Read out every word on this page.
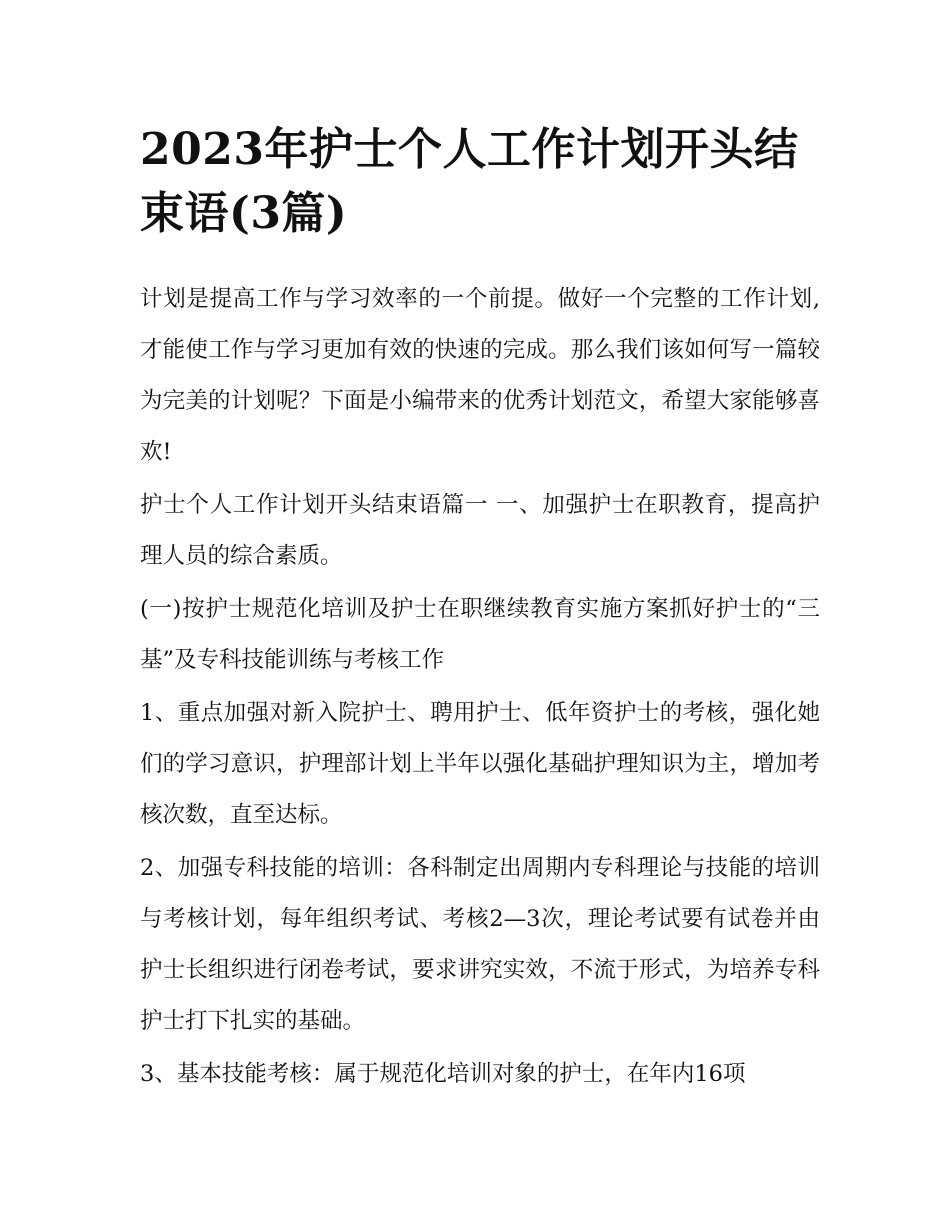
2023年护士个人工作计划开头结束语(3篇)

计划是提高工作与学习效率的一个前提。做好一个完整的工作计划,才能使工作与学习更加有效的快速的完成。那么我们该如何写一篇较为完美的计划呢？下面是小编带来的优秀计划范文，希望大家能够喜欢!

护士个人工作计划开头结束语篇一 一、加强护士在职教育，提高护理人员的综合素质。

(一)按护士规范化培训及护士在职继续教育实施方案抓好护士的“三基”及专科技能训练与考核工作

1、重点加强对新入院护士、聘用护士、低年资护士的考核，强化她们的学习意识，护理部计划上半年以强化基础护理知识为主，增加考核次数，直至达标。

2、加强专科技能的培训：各科制定出周期内专科理论与技能的培训与考核计划，每年组织考试、考核2—3次，理论考试要有试卷并由护士长组织进行闭卷考试，要求讲究实效，不流于形式，为培养专科护士打下扎实的基础。

3、基本技能考核：属于规范化培训对象的护士，在年内16项
